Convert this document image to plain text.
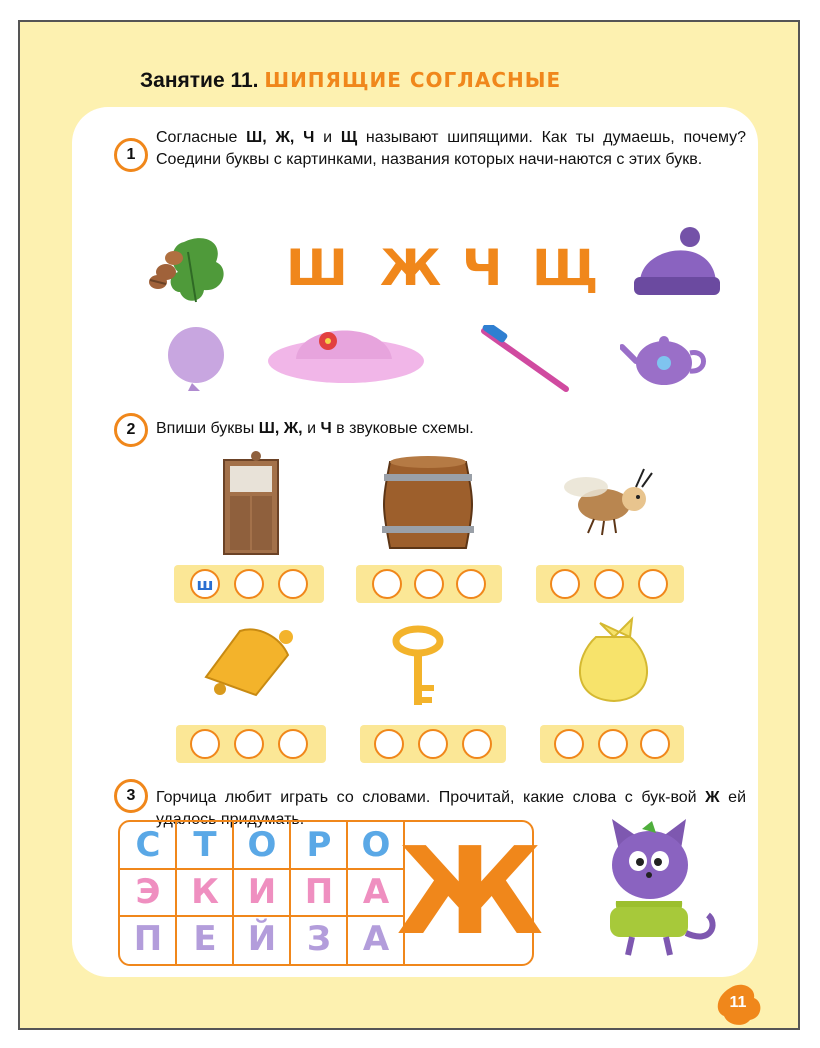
Занятие 11. ШИПЯЩИЕ СОГЛАСНЫЕ
1
Согласные Ш, Ж, Ч и Щ называют шипящими. Как ты думаешь, почему? Соедини буквы с картинками, названия которых начи-наются с этих букв.
Ш Ж Ч Щ
2	Впиши буквы Ш, Ж, и Ч в звуковые схемы.
ш
3	Горчица любит играть со словами. Прочитай, какие слова с бук-вой Ж ей удалось придумать.
С Т О Р О
Э К И П А
П Е Й З А Ж
11
